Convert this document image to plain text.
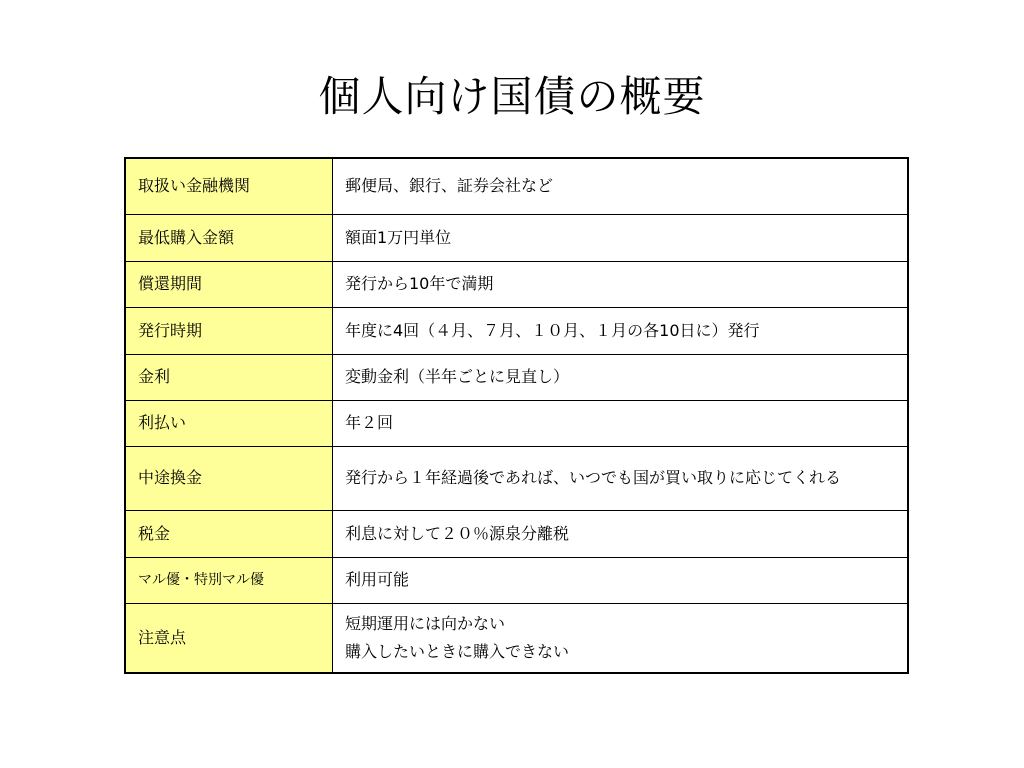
個人向け国債の概要
取扱い金融機関	郵便局、銀行、証券会社など

最低購入金額	額面1万円単位

償還期間	発行から10年で満期

発行時期	年度に4回（４月、７月、１０月、１月の各10日に）発行

金利	変動金利（半年ごとに見直し）

利払い	年２回

中途換金	発行から１年経過後であれば、いつでも国が買い取りに応じてくれる

税金	利息に対して２０％源泉分離税

マル優・特別マル優	利用可能

注意点	短期運用には向かない
購入したいときに購入できない
